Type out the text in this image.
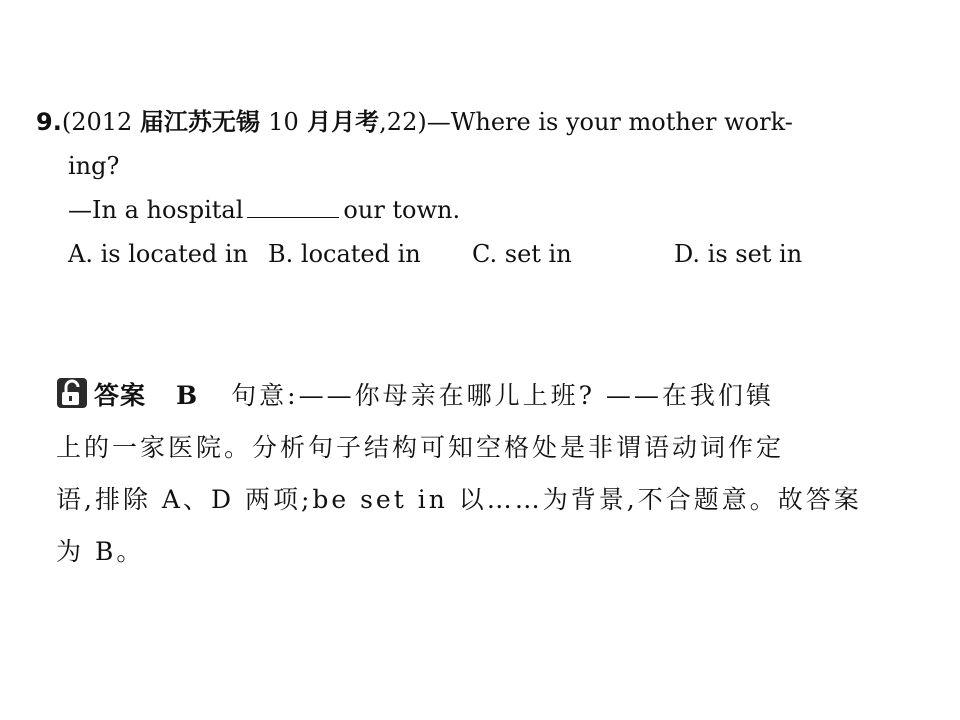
9.(2012 届江苏无锡 10 月月考,22)—Where is your mother work-
ing?
—In a hospital	our town.
A. is located in B. located in	C. set in	D. is set in
答案 B 句意:——你母亲在哪儿上班? ——在我们镇
上的一家医院。分析句子结构可知空格处是非谓语动词作定
语,排除 A、D 两项;be set in 以……为背景,不合题意。故答案
为 B。
